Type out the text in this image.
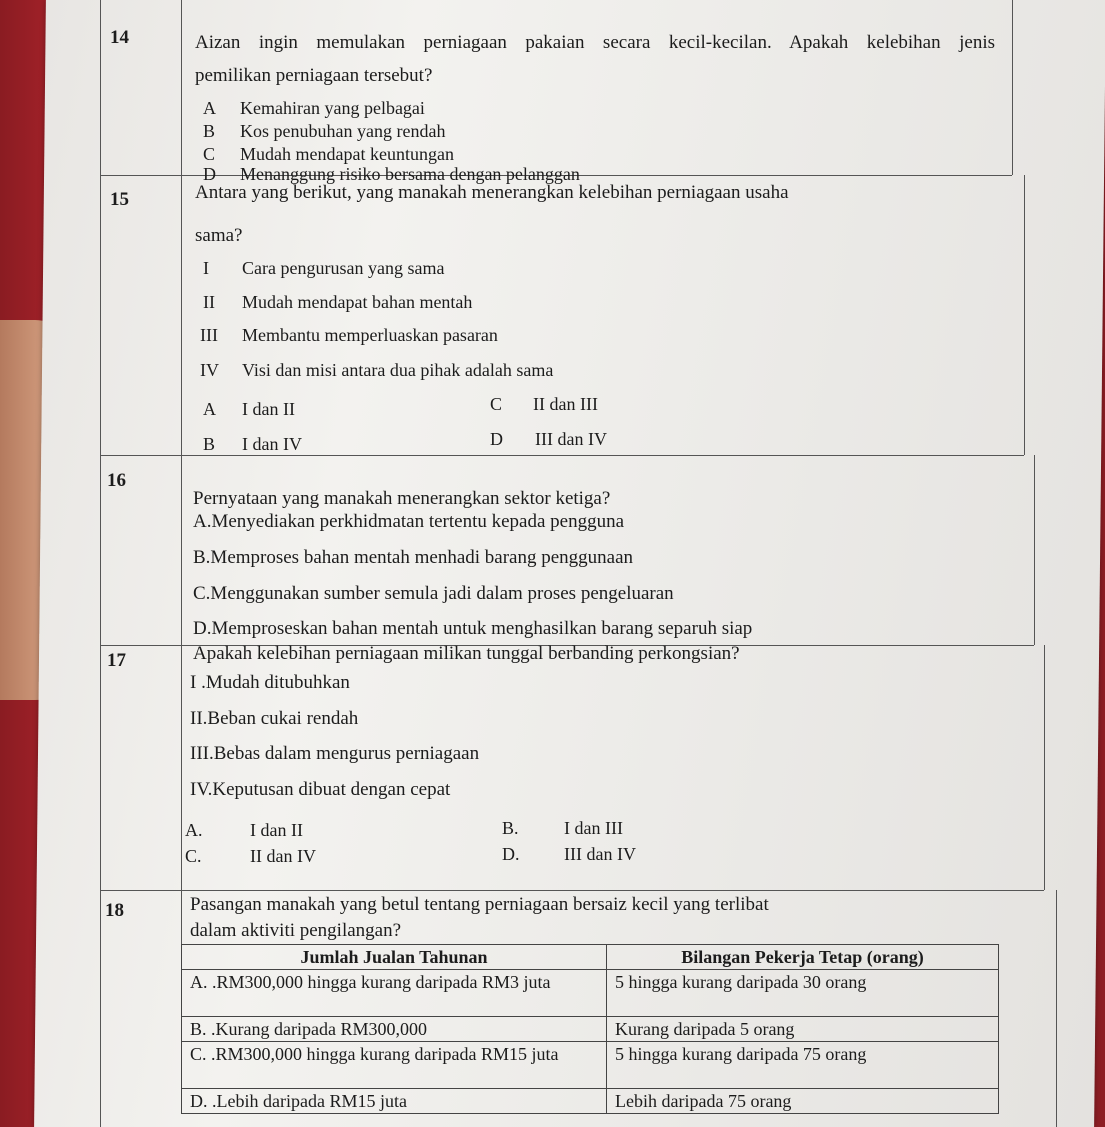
14	Aizan ingin memulakan perniagaan pakaian secara kecil-kecilan. Apakah kelebihan jenis
pemilikan perniagaan tersebut?
A Kemahiran yang pelbagai
B Kos penubuhan yang rendah
C Mudah mendapat keuntungan
D Menanggung risiko bersama dengan pelanggan
15	Antara yang berikut, yang manakah menerangkan kelebihan perniagaan usaha
sama?
I Cara pengurusan yang sama
II Mudah mendapat bahan mentah
III Membantu memperluaskan pasaran
IV Visi dan misi antara dua pihak adalah sama
A I dan II	C II dan III
B I dan IV	D III dan IV
16
Pernyataan yang manakah menerangkan sektor ketiga?
A.Menyediakan perkhidmatan tertentu kepada pengguna
B.Memproses bahan mentah menhadi barang penggunaan
C.Menggunakan sumber semula jadi dalam proses pengeluaran
D.Memproseskan bahan mentah untuk menghasilkan barang separuh siap
17	Apakah kelebihan perniagaan milikan tunggal berbanding perkongsian?
I .Mudah ditubuhkan
II.Beban cukai rendah
III.Bebas dalam mengurus perniagaan
IV.Keputusan dibuat dengan cepat
A.	I dan II	B.	I dan III
C.	II dan IV	D. III dan IV
18	Pasangan manakah yang betul tentang perniagaan bersaiz kecil yang terlibat
dalam aktiviti pengilangan?
Jumlah Jualan Tahunan	Bilangan Pekerja Tetap (orang)
A. .RM300,000 hingga kurang daripada RM3 juta	5 hingga kurang daripada 30 orang
B. .Kurang daripada RM300,000	Kurang daripada 5 orang
C. .RM300,000 hingga kurang daripada RM15 juta	5 hingga kurang daripada 75 orang
D. .Lebih daripada RM15 juta	Lebih daripada 75 orang
